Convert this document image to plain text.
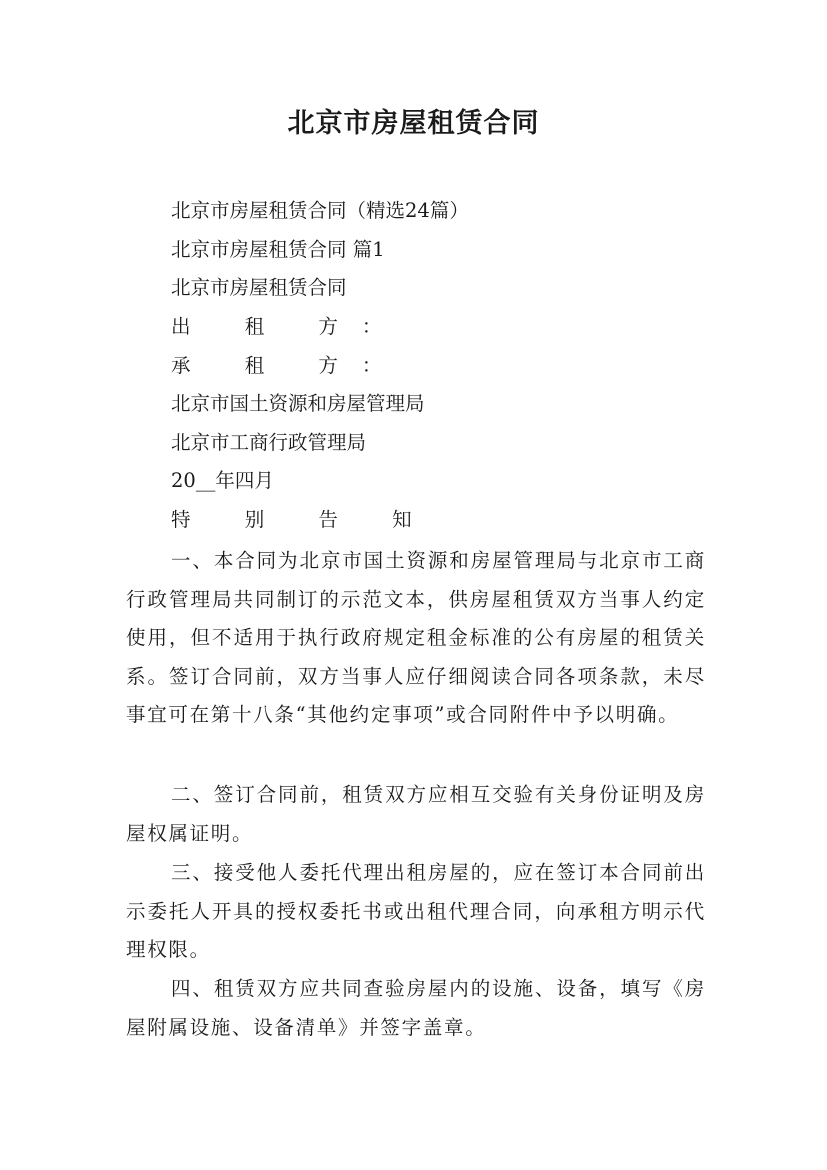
北京市房屋租赁合同
北京市房屋租赁合同（精选24篇）
北京市房屋租赁合同 篇1
北京市房屋租赁合同
出 租 方：
承 租 方：
北京市国土资源和房屋管理局
北京市工商行政管理局
20__年四月
特 别 告 知
一、本合同为北京市国土资源和房屋管理局与北京市工商行政管理局共同制订的示范文本，供房屋租赁双方当事人约定使用，但不适用于执行政府规定租金标准的公有房屋的租赁关系。签订合同前，双方当事人应仔细阅读合同各项条款，未尽事宜可在第十八条“其他约定事项”或合同附件中予以明确。
二、签订合同前，租赁双方应相互交验有关身份证明及房屋权属证明。
三、接受他人委托代理出租房屋的，应在签订本合同前出示委托人开具的授权委托书或出租代理合同，向承租方明示代理权限。
四、租赁双方应共同查验房屋内的设施、设备，填写《房屋附属设施、设备清单》并签字盖章。
